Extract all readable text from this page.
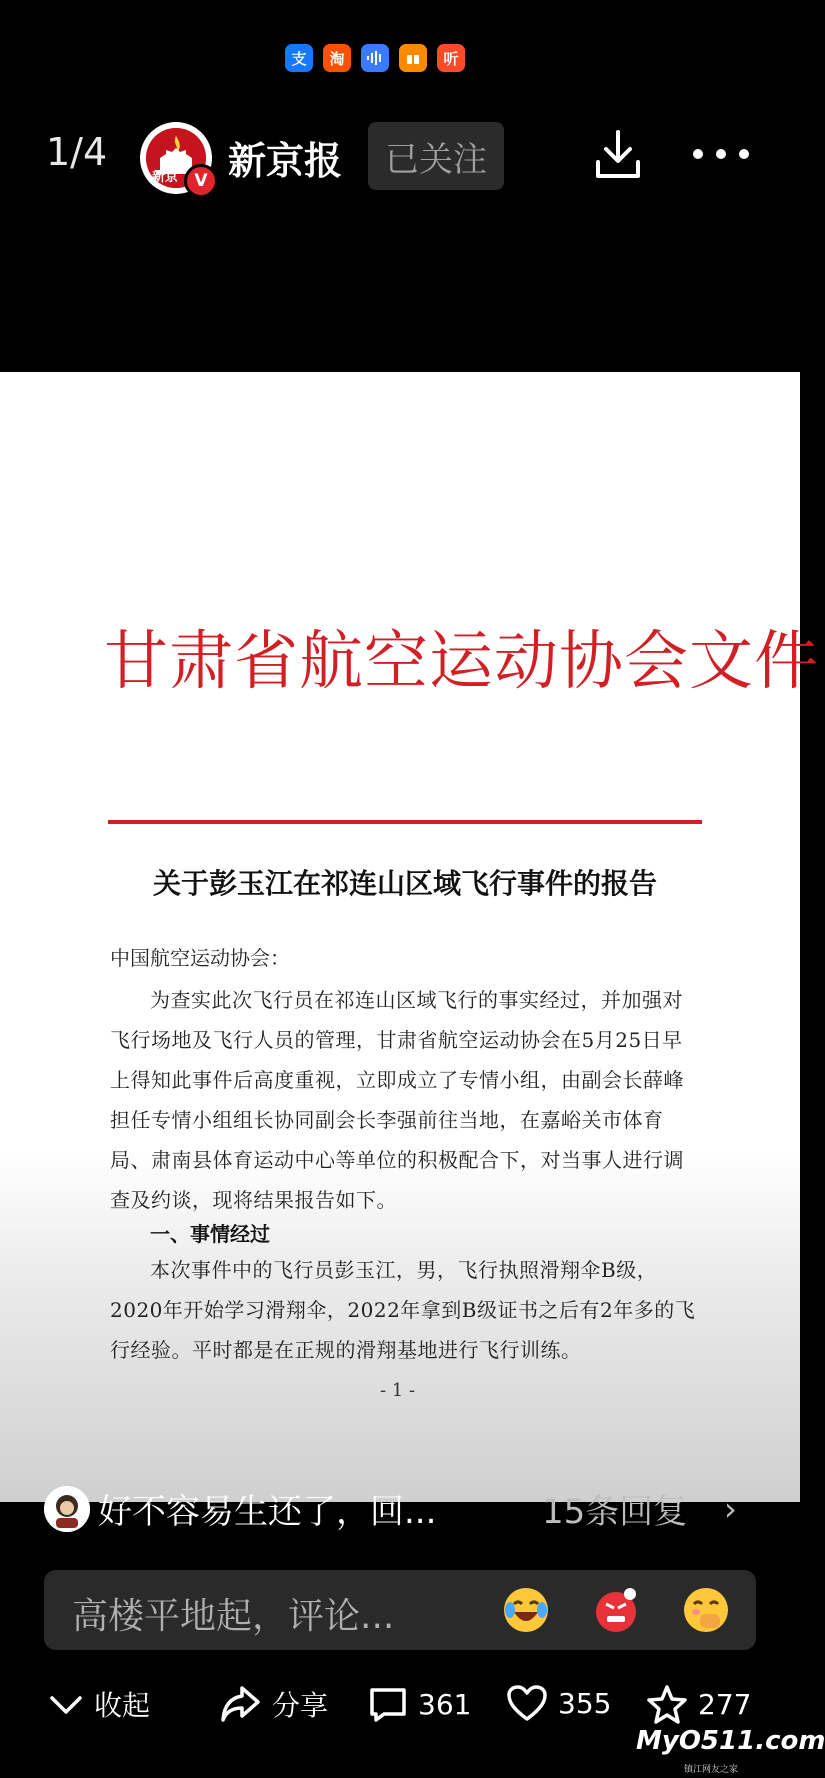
支	淘	听
1/4
新京 V 新京报	已关注
甘肃省航空运动协会文件
关于彭玉江在祁连山区域飞行事件的报告
中国航空运动协会：
为查实此次飞行员在祁连山区域飞行的事实经过，并加强对飞行场地及飞行人员的管理，甘肃省航空运动协会在5月25日早上得知此事件后高度重视，立即成立了专情小组，由副会长薛峰担任专情小组组长协同副会长李强前往当地，在嘉峪关市体育局、肃南县体育运动中心等单位的积极配合下，对当事人进行调查及约谈，现将结果报告如下。
一、事情经过
本次事件中的飞行员彭玉江，男，飞行执照滑翔伞B级，2020年开始学习滑翔伞，2022年拿到B级证书之后有2年多的飞行经验。平时都是在正规的滑翔基地进行飞行训练。
- 1 -
好不容易生还了，回...	15条回复 ›
高楼平地起，评论...
收起	分享	361	355	277
MyO511.com
镇江网友之家
